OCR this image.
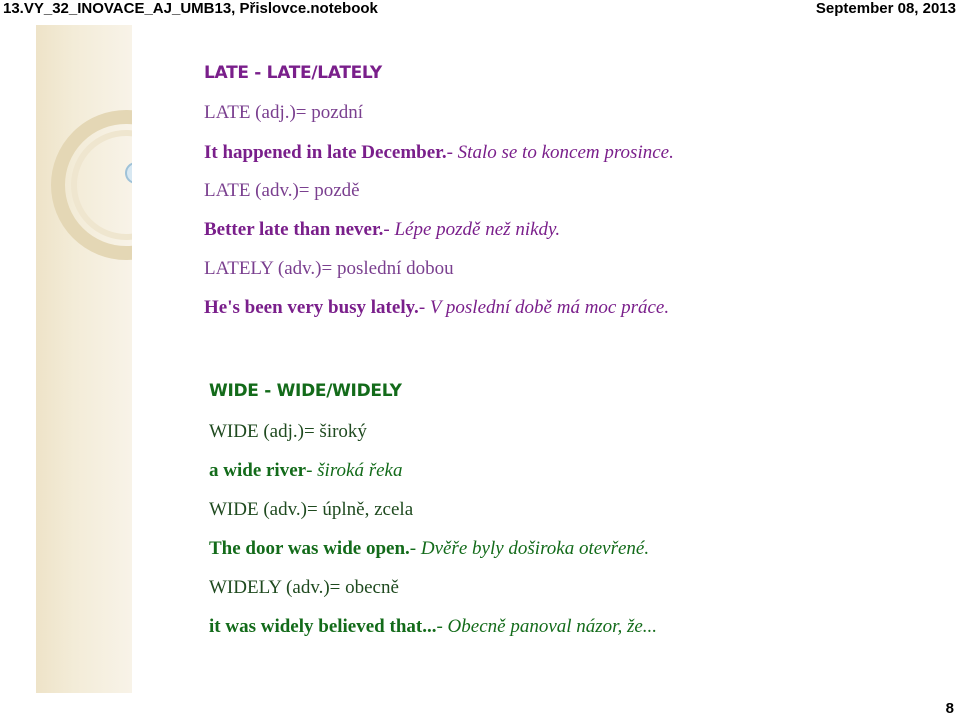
13.VY_32_INOVACE_AJ_UMB13, Přislovce.notebook	September 08, 2013
LATE - LATE/LATELY
LATE (adj.)= pozdní
It happened in late December.- Stalo se to koncem prosince.
LATE (adv.)= pozdě
Better late than never.- Lépe pozdě než nikdy.
LATELY (adv.)= poslední dobou
He's been very busy lately.- V poslední době má moc práce.
WIDE - WIDE/WIDELY
WIDE (adj.)= široký
a wide river- široká řeka
WIDE (adv.)= úplně, zcela
The door was wide open.- Dvěře byly doširoka otevřené.
WIDELY (adv.)= obecně
it was widely believed that...- Obecně panoval názor, že...
8
